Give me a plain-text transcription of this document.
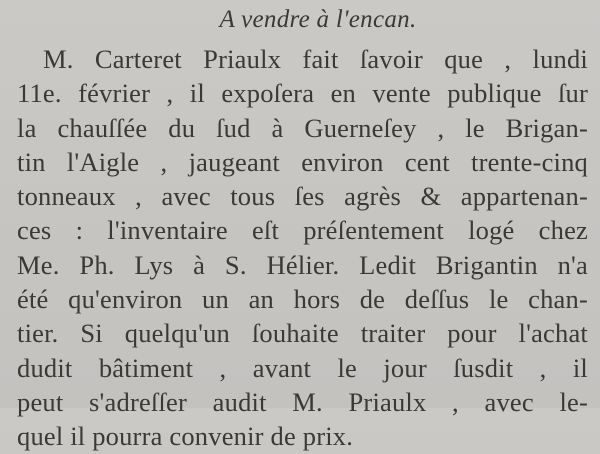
A vendre à l'encan.
M. Carteret Priaulx fait ſavoir que , lundi
11e. février , il expoſera en vente publique ſur
la chauſſée du ſud à Guerneſey , le Brigan-
tin l'Aigle , jaugeant environ cent trente-cinq
tonneaux , avec tous ſes agrès & appartenan-
ces : l'inventaire eſt préſentement logé chez
Me. Ph. Lys à S. Hélier. Ledit Brigantin n'a
été qu'environ un an hors de deſſus le chan-
tier. Si quelqu'un ſouhaite traiter pour l'achat
dudit bâtiment , avant le jour ſusdit , il
peut s'adreſſer audit M. Priaulx , avec le-
quel il pourra convenir de prix.
